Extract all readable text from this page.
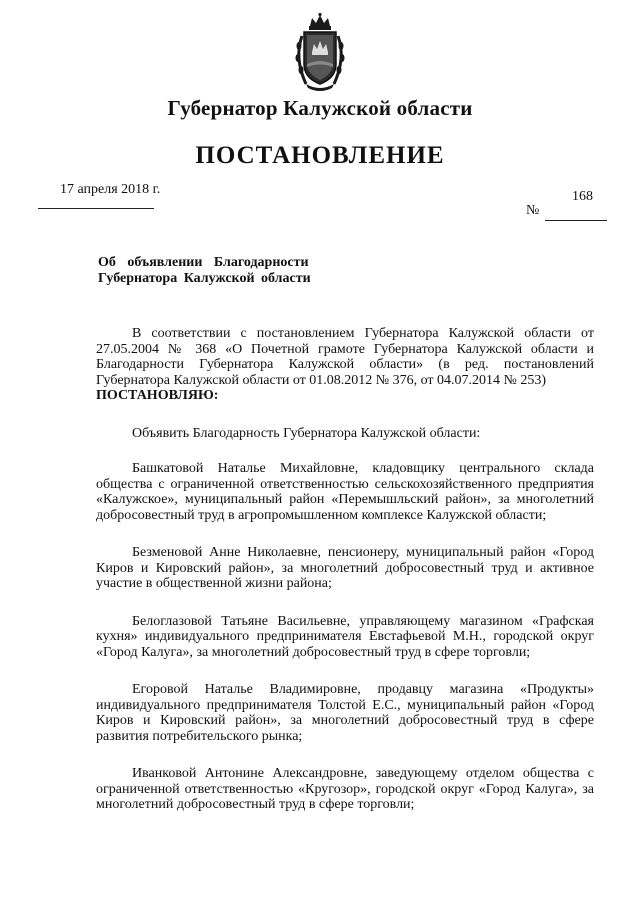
Губернатор Калужской области
ПОСТАНОВЛЕНИЕ
17 апреля 2018 г.	168
№
Об объявлении Благодарности
Губернатора Калужской области

В соответствии с постановлением Губернатора Калужской области от 27.05.2004 № 368 «О Почетной грамоте Губернатора Калужской области и Благодарности Губернатора Калужской области» (в ред. постановлений Губернатора Калужской области от 01.08.2012 № 376, от 04.07.2014 № 253)

ПОСТАНОВЛЯЮ:

Объявить Благодарность Губернатора Калужской области:

Башкатовой Наталье Михайловне, кладовщику центрального склада общества с ограниченной ответственностью сельскохозяйственного предприятия «Калужское», муниципальный район «Перемышльский район», за многолетний добросовестный труд в агропромышленном комплексе Калужской области;

Безменовой Анне Николаевне, пенсионеру, муниципальный район «Город Киров и Кировский район», за многолетний добросовестный труд и активное участие в общественной жизни района;

Белоглазовой Татьяне Васильевне, управляющему магазином «Графская кухня» индивидуального предпринимателя Евстафьевой М.Н., городской округ «Город Калуга», за многолетний добросовестный труд в сфере торговли;

Егоровой Наталье Владимировне, продавцу магазина «Продукты» индивидуального предпринимателя Толстой Е.С., муниципальный район «Город Киров и Кировский район», за многолетний добросовестный труд в сфере развития потребительского рынка;

Иванковой Антонине Александровне, заведующему отделом общества с ограниченной ответственностью «Кругозор», городской округ «Город Калуга», за многолетний добросовестный труд в сфере торговли;
